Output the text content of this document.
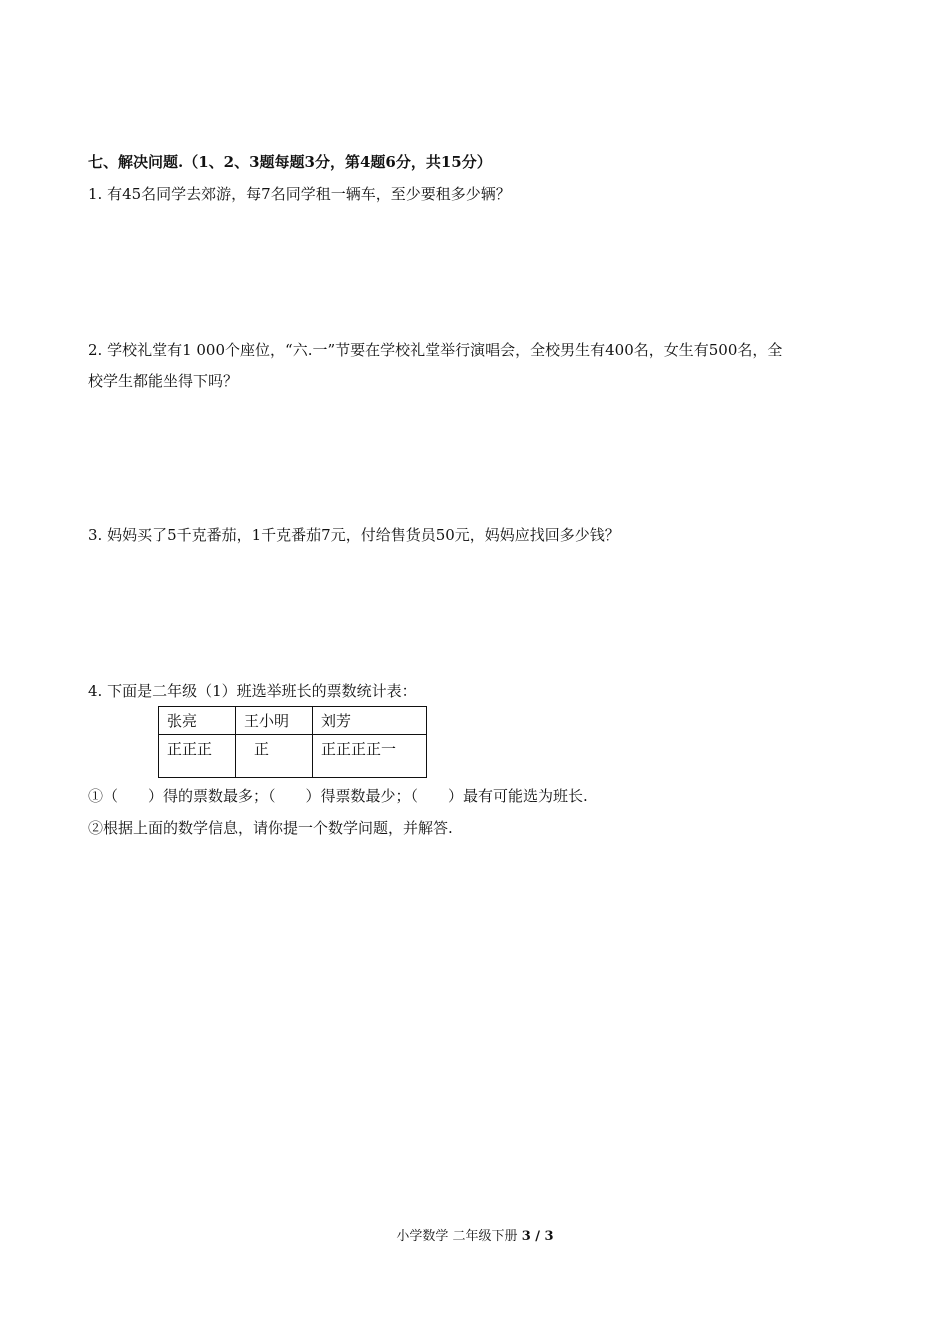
七、解决问题.（1、2、3题每题3分，第4题6分，共15分）
1. 有45名同学去郊游，每7名同学租一辆车，至少要租多少辆？
2. 学校礼堂有1 000个座位，“六.一”节要在学校礼堂举行演唱会，全校男生有400名，女生有500名，全
校学生都能坐得下吗？
3. 妈妈买了5千克番茄，1千克番茄7元，付给售货员50元，妈妈应找回多少钱？
4. 下面是二年级（1）班选举班长的票数统计表：
张亮	王小明	刘芳
正正正	正	正正正正一
①（　　）得的票数最多；（　　）得票数最少；（　　）最有可能选为班长.
②根据上面的数学信息，请你提一个数学问题，并解答.
小学数学 二年级下册 3 / 3
